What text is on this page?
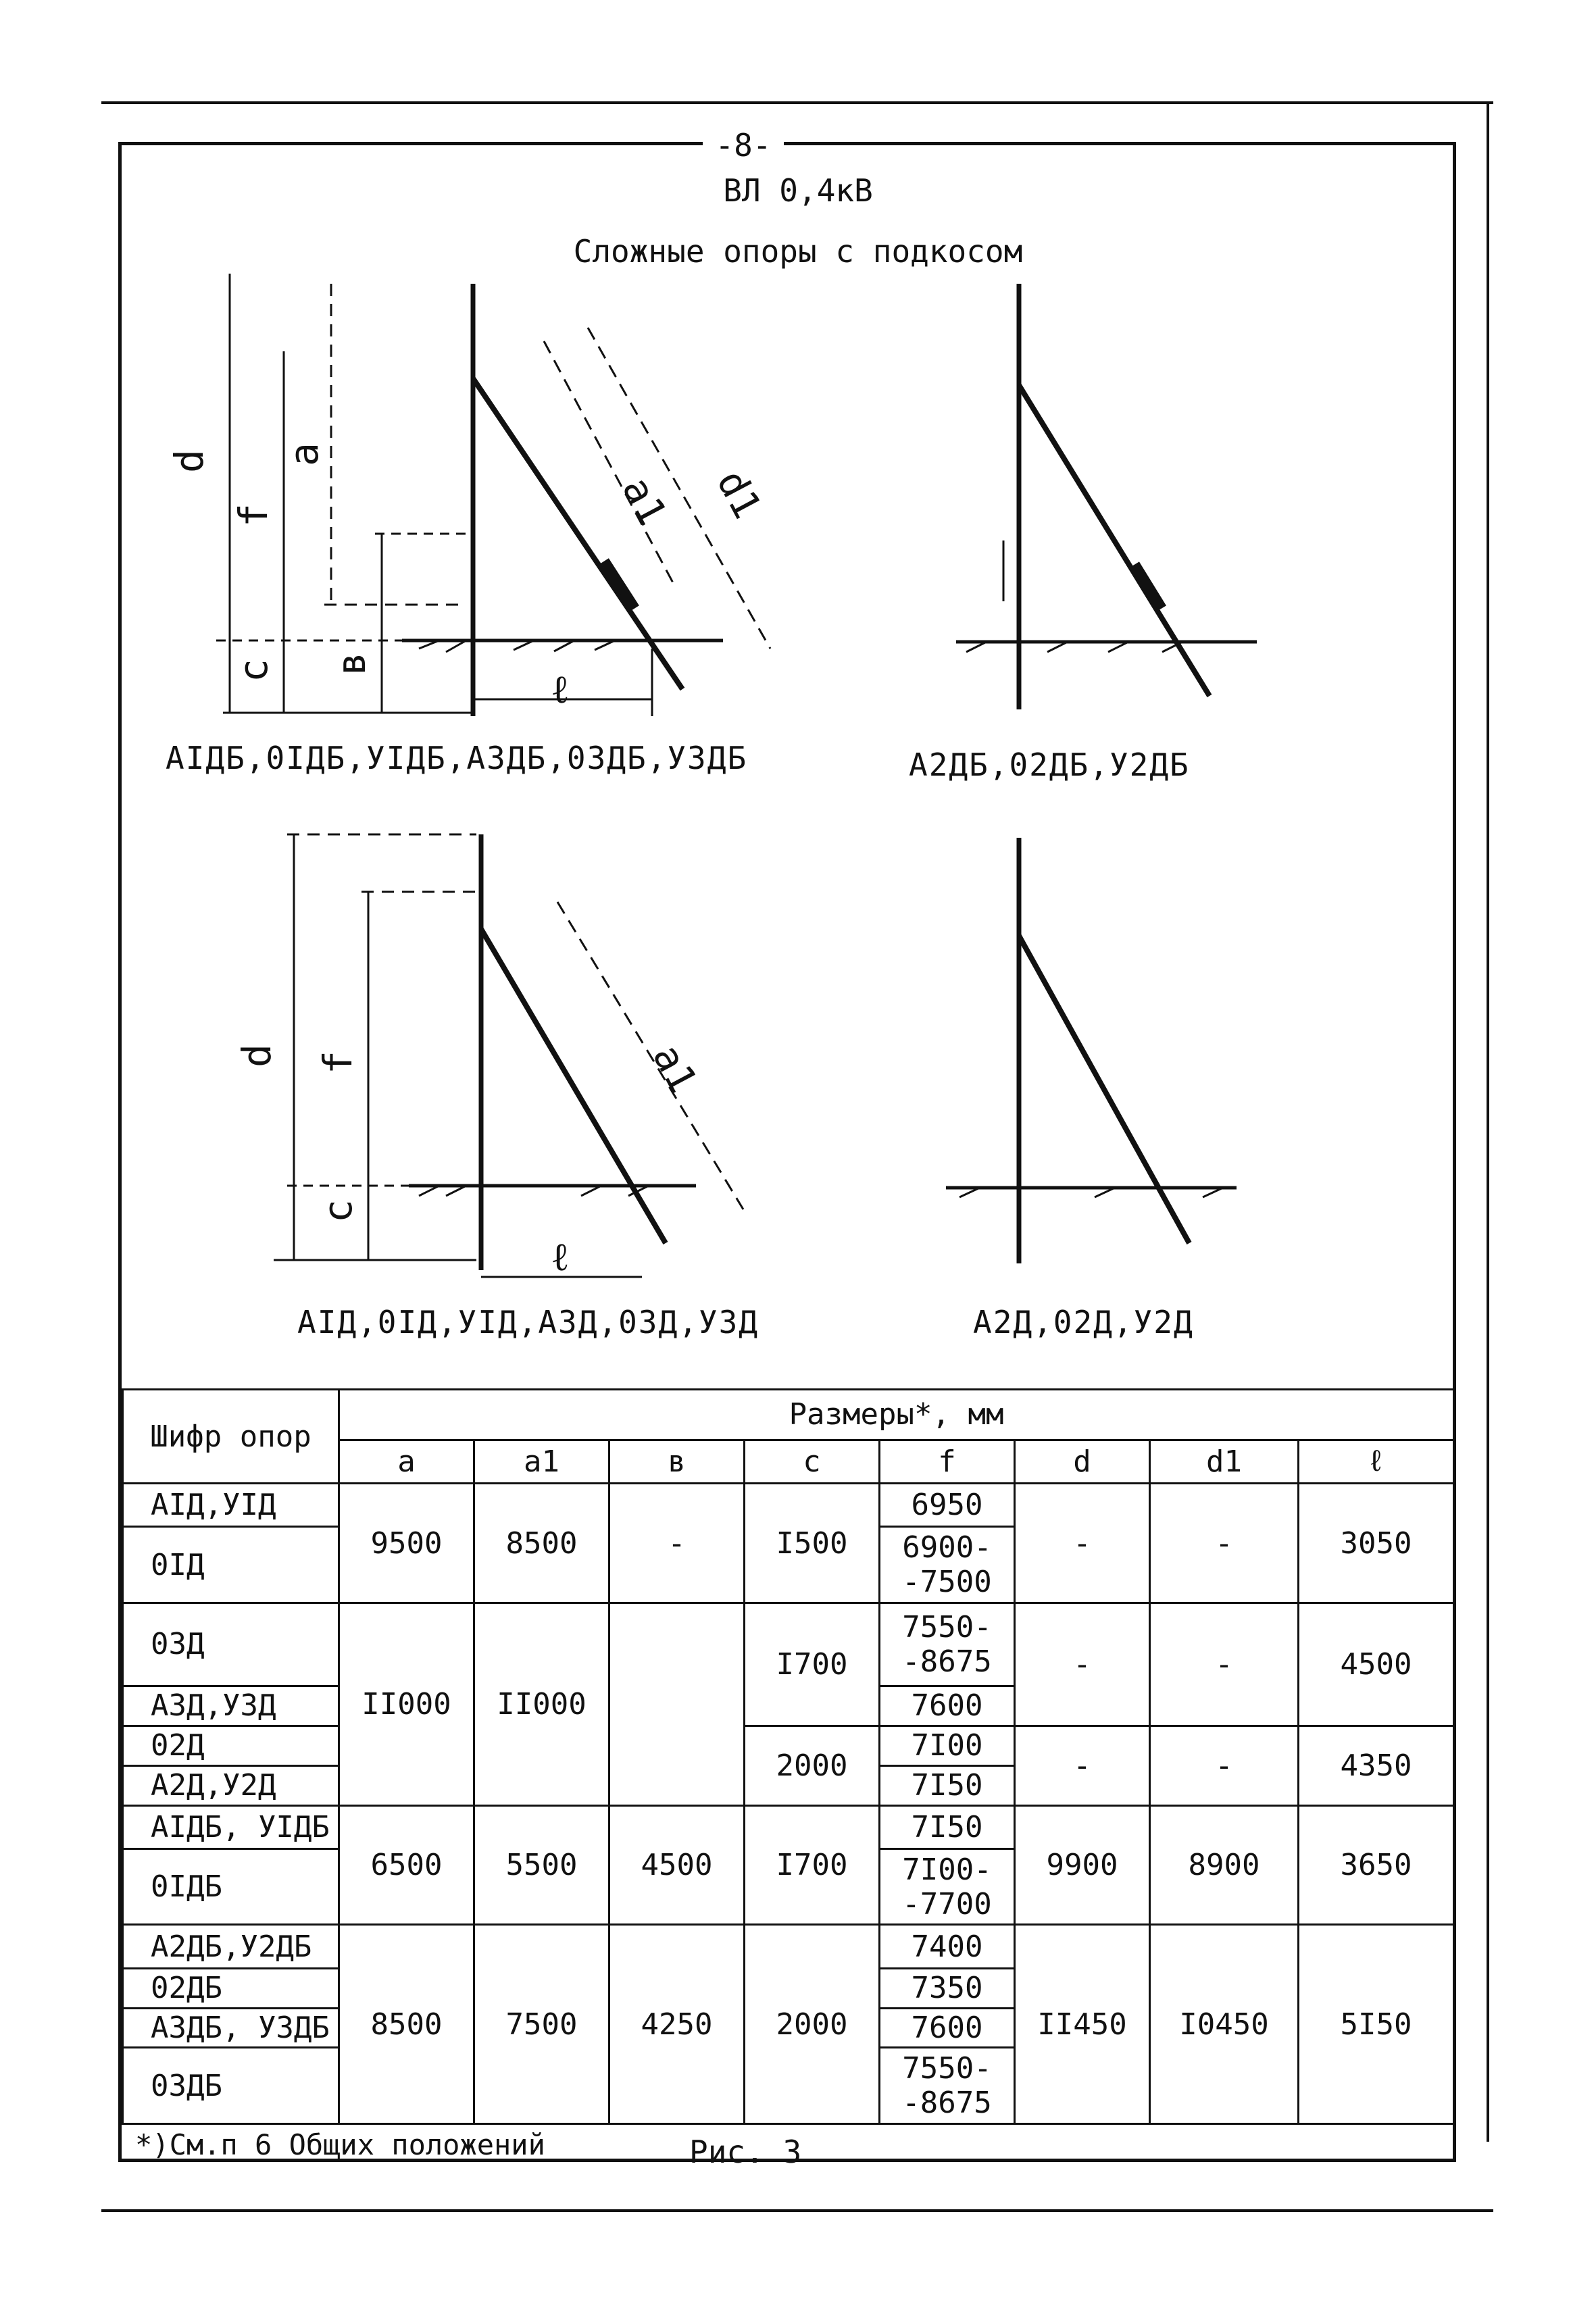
-8-
ВЛ 0,4кВ
Сложные опоры с подкосом
d
f
a
c в
ℓ
a1 d1
d f
c
ℓ
a1
АIДБ,0IДБ,УIДБ,А3ДБ,03ДБ,У3ДБ	А2ДБ,02ДБ,У2ДБ
АIД,0IД,УIД,А3Д,03Д,У3Д	А2Д,02Д,У2Д
Шифр опор	Размеры*, мм							
	a	a1	в	c	f	d	d1	ℓ
АIД,УIД	9500	8500	-	I500	6950	-	-	3050
0IД					6900--7500			
03Д	II000	II000		I700	7550--8675	-	-	4500
А3Д,У3Д					7600			
02Д				2000	7I00	-	-	4350
А2Д,У2Д					7I50			
АIДБ, УIДБ	6500	5500	4500	I700	7I50	9900	8900	3650
0IДБ					7I00--7700			
А2ДБ,У2ДБ	8500	7500	4250	2000	7400	II450	I0450	5I50
02ДБ					7350			
А3ДБ, У3ДБ					7600			
03ДБ					7550--8675			
*)См.п 6 Общих положений	Рис. 3
